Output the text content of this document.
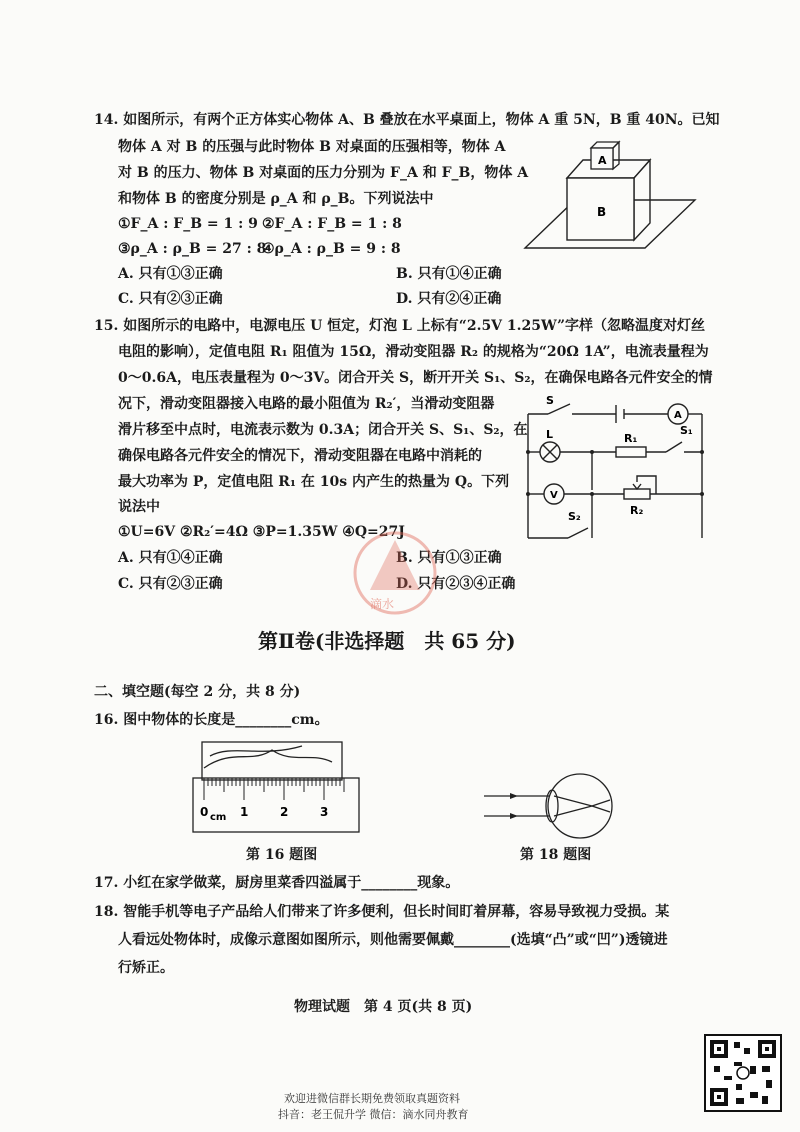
14. 如图所示，有两个正方体实心物体 A、B 叠放在水平桌面上，物体 A 重 5N，B 重 40N。已知
物体 A 对 B 的压强与此时物体 B 对桌面的压强相等，物体 A
对 B 的压力、物体 B 对桌面的压力分别为 F_A 和 F_B，物体 A
和物体 B 的密度分别是 ρ_A 和 ρ_B。下列说法中
①F_A : F_B = 1 : 9 ②F_A : F_B = 1 : 8
③ρ_A : ρ_B = 27 : 8
④ρ_A : ρ_B = 9 : 8
A. 只有①③正确	B. 只有①④正确
C. 只有②③正确	D. 只有②④正确
B
A
15. 如图所示的电路中，电源电压 U 恒定，灯泡 L 上标有“2.5V 1.25W”字样（忽略温度对灯丝
电阻的影响），定值电阻 R₁ 阻值为 15Ω，滑动变阻器 R₂ 的规格为“20Ω 1A”，电流表量程为
0～0.6A，电压表量程为 0～3V。闭合开关 S，断开开关 S₁、S₂，在确保电路各元件安全的情
况下，滑动变阻器接入电路的最小阻值为 R₂′，当滑动变阻器
滑片移至中点时，电流表示数为 0.3A；闭合开关 S、S₁、S₂，在
确保电路各元件安全的情况下，滑动变阻器在电路中消耗的
最大功率为 P，定值电阻 R₁ 在 10s 内产生的热量为 Q。下列
说法中
①U=6V ②R₂′=4Ω ③P=1.35W ④Q=27J
A. 只有①④正确	B. 只有①③正确
C. 只有②③正确	D. 只有②③④正确
S
A
L	R₁
S₁
V
R₂
S₂
滴水
第Ⅱ卷(非选择题　共 65 分)
二、填空题(每空 2 分，共 8 分)
16. 图中物体的长度是________cm。
0 cm 1	2	3
第 16 题图	第 18 题图
17. 小红在家学做菜，厨房里菜香四溢属于________现象。
18. 智能手机等电子产品给人们带来了许多便利，但长时间盯着屏幕，容易导致视力受损。某
人看远处物体时，成像示意图如图所示，则他需要佩戴________(选填“凸”或“凹”)透镜进
行矫正。
物理试题　第 4 页(共 8 页)
欢迎进微信群长期免费领取真题资料
抖音：老王侃升学 微信：滴水同舟教育
